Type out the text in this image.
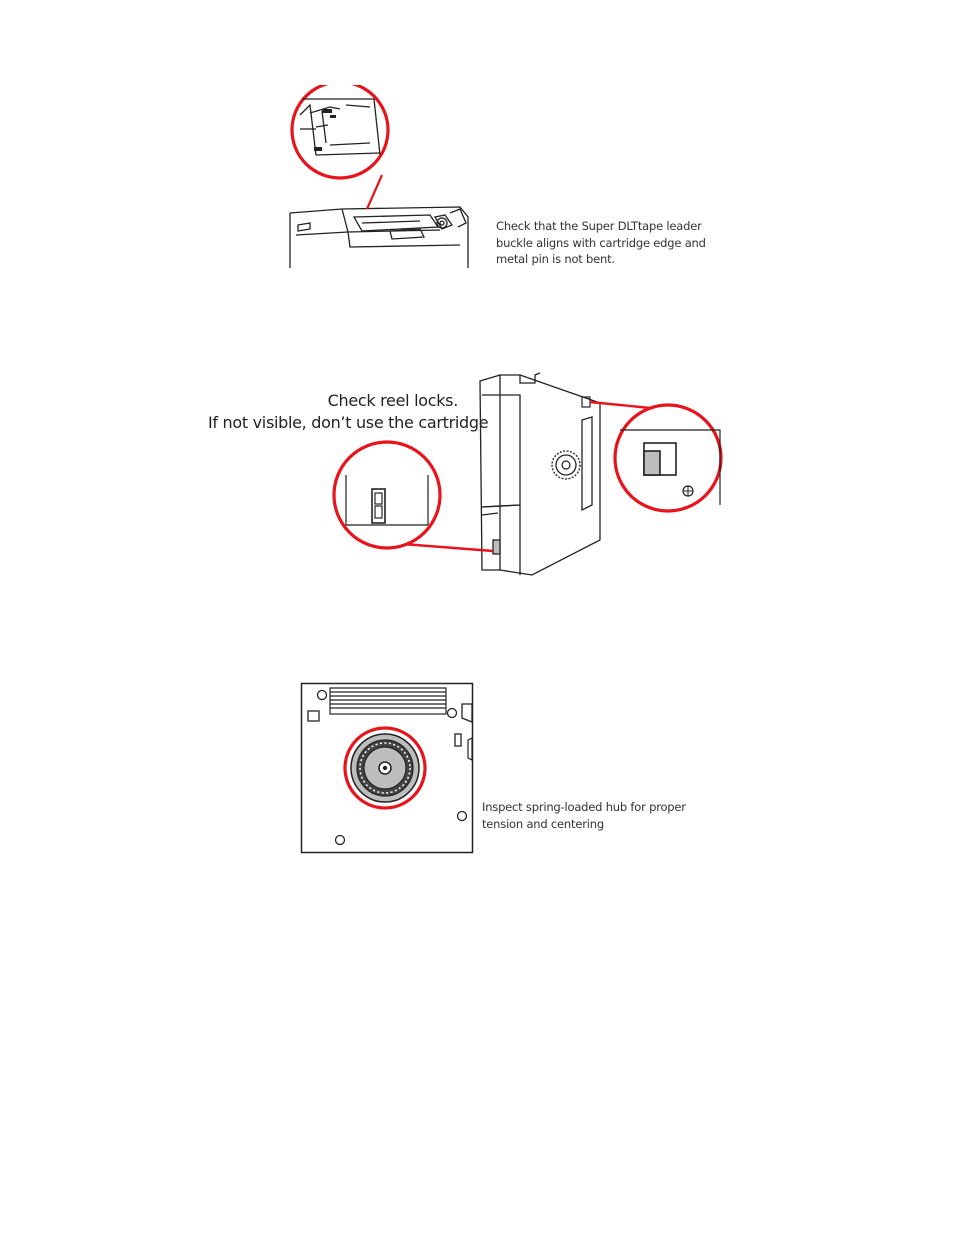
Check that the Super DLTtape leader
buckle aligns with cartridge edge and
metal pin is not bent.
Check reel locks.
If not visible, don’t use the cartridge
Inspect spring-loaded hub for proper
tension and centering
